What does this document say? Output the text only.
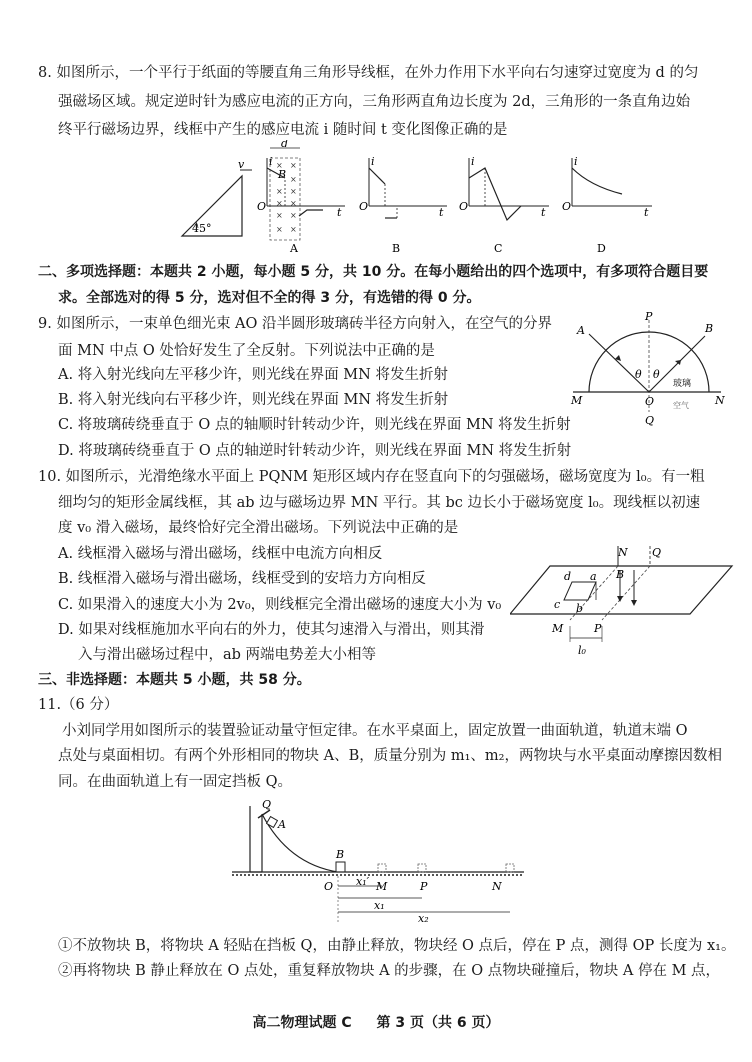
8. 如图所示，一个平行于纸面的等腰直角三角形导线框，在外力作用下水平向右匀速穿过宽度为 d 的匀
强磁场区域。规定逆时针为感应电流的正方向，三角形两直角边长度为 2d，三角形的一条直角边始
终平行磁场边界，线框中产生的感应电流 i 随时间 t 变化图像正确的是
45°
v
d
B
× ×
×
× ×
× ×
× ×
× ×
i
t
O
A
i
t
O
B
i
t
O
C
i
t
O
D
二、多项选择题：本题共 2 小题，每小题 5 分，共 10 分。在每小题给出的四个选项中，有多项符合题目要
求。全部选对的得 5 分，选对但不全的得 3 分，有选错的得 0 分。
9. 如图所示，一束单色细光束 AO 沿半圆形玻璃砖半径方向射入，在空气的分界
面 MN 中点 O 处恰好发生了全反射。下列说法中正确的是
A. 将入射光线向左平移少许，则光线在界面 MN 将发生折射
B. 将入射光线向右平移少许，则光线在界面 MN 将发生折射
C. 将玻璃砖绕垂直于 O 点的轴顺时针转动少许，则光线在界面 MN 将发生折射
D. 将玻璃砖绕垂直于 O 点的轴逆时针转动少许，则光线在界面 MN 将发生折射
A	B
P
Q
M	N
O
θ θ
玻璃
空气
10. 如图所示，光滑绝缘水平面上 PQNM 矩形区域内存在竖直向下的匀强磁场，磁场宽度为 l₀。有一粗
细均匀的矩形金属线框，其 ab 边与磁场边界 MN 平行。其 bc 边长小于磁场宽度 l₀。现线框以初速
度 v₀ 滑入磁场，最终恰好完全滑出磁场。下列说法中正确的是
A. 线框滑入磁场与滑出磁场，线框中电流方向相反
B. 线框滑入磁场与滑出磁场，线框受到的安培力方向相反
C. 如果滑入的速度大小为 2v₀，则线框完全滑出磁场的速度大小为 v₀
D. 如果对线框施加水平向右的外力，使其匀速滑入与滑出，则其滑
入与滑出磁场过程中，ab 两端电势差大小相等
N Q
M	P
B
d a
c b
l₀
三、非选择题：本题共 5 小题，共 58 分。
11.（6 分）
小刘同学用如图所示的装置验证动量守恒定律。在水平桌面上，固定放置一曲面轨道，轨道末端 O
点处与桌面相切。有两个外形相同的物块 A、B，质量分别为 m₁、m₂，两物块与水平桌面动摩擦因数相
同。在曲面轨道上有一固定挡板 Q。
Q
A
B
O	M	P	N
x₁′
x₁
x₂
①不放物块 B，将物块 A 轻贴在挡板 Q，由静止释放，物块经 O 点后，停在 P 点，测得 OP 长度为 x₁。
②再将物块 B 静止释放在 O 点处，重复释放物块 A 的步骤，在 O 点物块碰撞后，物块 A 停在 M 点，
高二物理试题 C 第 3 页（共 6 页）
